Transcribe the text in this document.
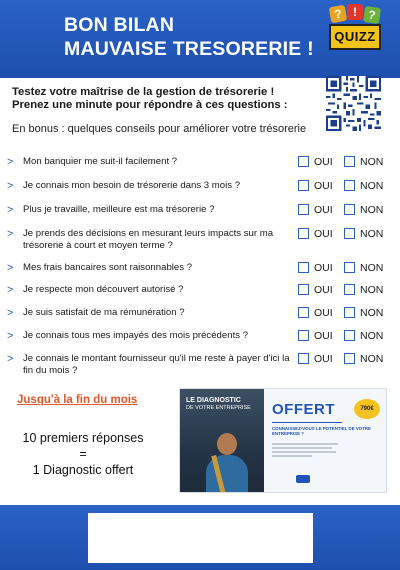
BON BILAN
MAUVAISE TRESORERIE !
? ! ?
QUIZZ
Testez votre maîtrise de la gestion de trésorerie !
Prenez une minute pour répondre à ces questions :
En bonus : quelques conseils pour améliorer votre trésorerie
> Mon banquier me suit-il facilement ?	OUI	NON
> Je connais mon besoin de trésorerie dans 3 mois ?	OUI	NON
> Plus je travaille, meilleure est ma trésorerie ?	OUI	NON
> Je prends des décisions en mesurant leurs impacts sur ma trésorerie à court et moyen terme ?
OUI	NON
> Mes frais bancaires sont raisonnables ?	OUI	NON
> Je respecte mon découvert autorisé ?	OUI	NON
> Je suis satisfait de ma rémunération ?	OUI	NON
> Je connais tous mes impayés des mois précédents ?	OUI	NON
> Je connais le montant fournisseur qu'il me reste à payer d'ici la fin du mois ?
OUI	NON
Jusqu'à la fin du mois
10 premiers réponses
=
1 Diagnostic offert
LE DIAGNOSTIC
DE VOTRE ENTREPRISE OFFERT	790€
CONNAISSEZ-VOUS LE POTENTIEL DE VOTRE ENTREPRISE ?
